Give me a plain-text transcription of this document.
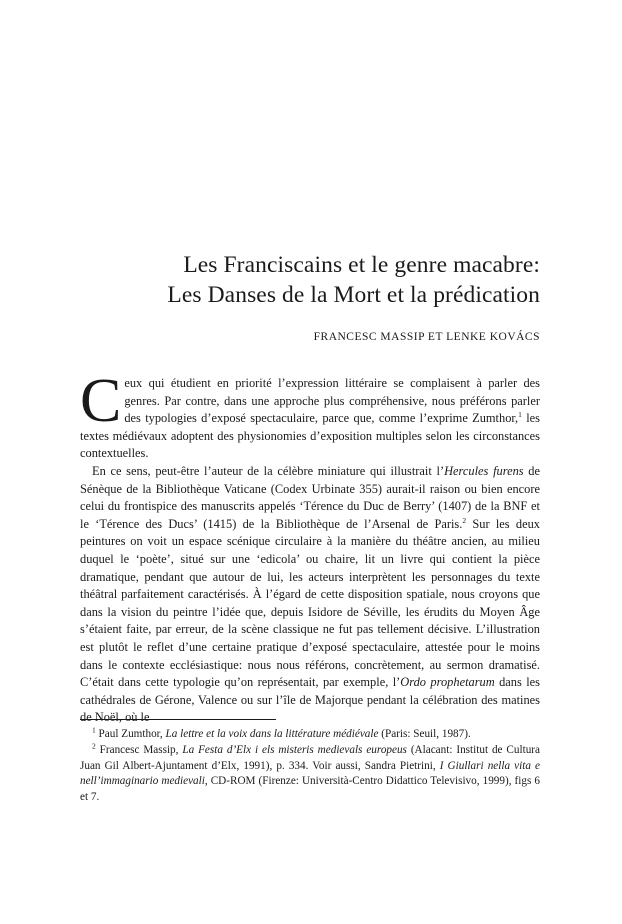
Les Franciscains et le genre macabre:
Les Danses de la Mort et la prédication
FRANCESC MASSIP ET LENKE KOVÁCS

Ceux qui étudient en priorité l’expression littéraire se complaisent à parler des genres. Par contre, dans une approche plus compréhensive, nous préférons parler des typologies d’exposé spectaculaire, parce que, comme l’exprime Zumthor,$^1$ les textes médiévaux adoptent des physionomies d’exposition multiples selon les circonstances contextuelles.

En ce sens, peut-être l’auteur de la célèbre miniature qui illustrait l’Hercules furens de Sénèque de la Bibliothèque Vaticane (Codex Urbinate 355) aurait-il raison ou bien encore celui du frontispice des manuscrits appelés ‘Térence du Duc de Berry’ (1407) de la BNF et le ‘Térence des Ducs’ (1415) de la Bibliothèque de l’Arsenal de Paris.$^2$ Sur les deux peintures on voit un espace scénique circulaire à la manière du théâtre ancien, au milieu duquel le ‘poète’, situé sur une ‘edicola’ ou chaire, lit un livre qui contient la pièce dramatique, pendant que autour de lui, les acteurs interprètent les personnages du texte théâtral parfaitement caractérisés. À l’égard de cette disposition spatiale, nous croyons que dans la vision du peintre l’idée que, depuis Isidore de Séville, les érudits du Moyen Âge s’étaient faite, par erreur, de la scène classique ne fut pas tellement décisive. L’illustration est plutôt le reflet d’une certaine pratique d’exposé spectaculaire, attestée pour le moins dans le contexte ecclésiastique: nous nous référons, concrètement, au sermon dramatisé. C’était dans cette typologie qu’on représentait, par exemple, l’Ordo prophetarum dans les cathédrales de Gérone, Valence ou sur l’île de Majorque pendant la célébration des matines de Noël, où le

$^1$ Paul Zumthor, La lettre et la voix dans la littérature médiévale (Paris: Seuil, 1987).

$^2$ Francesc Massip, La Festa d’Elx i els misteris medievals europeus (Alacant: Institut de Cultura Juan Gil Albert-Ajuntament d’Elx, 1991), p. 334. Voir aussi, Sandra Pietrini, I Giullari nella vita e nell’immaginario medievali, CD-ROM (Firenze: Università-Centro Didattico Televisivo, 1999), figs 6 et 7.
